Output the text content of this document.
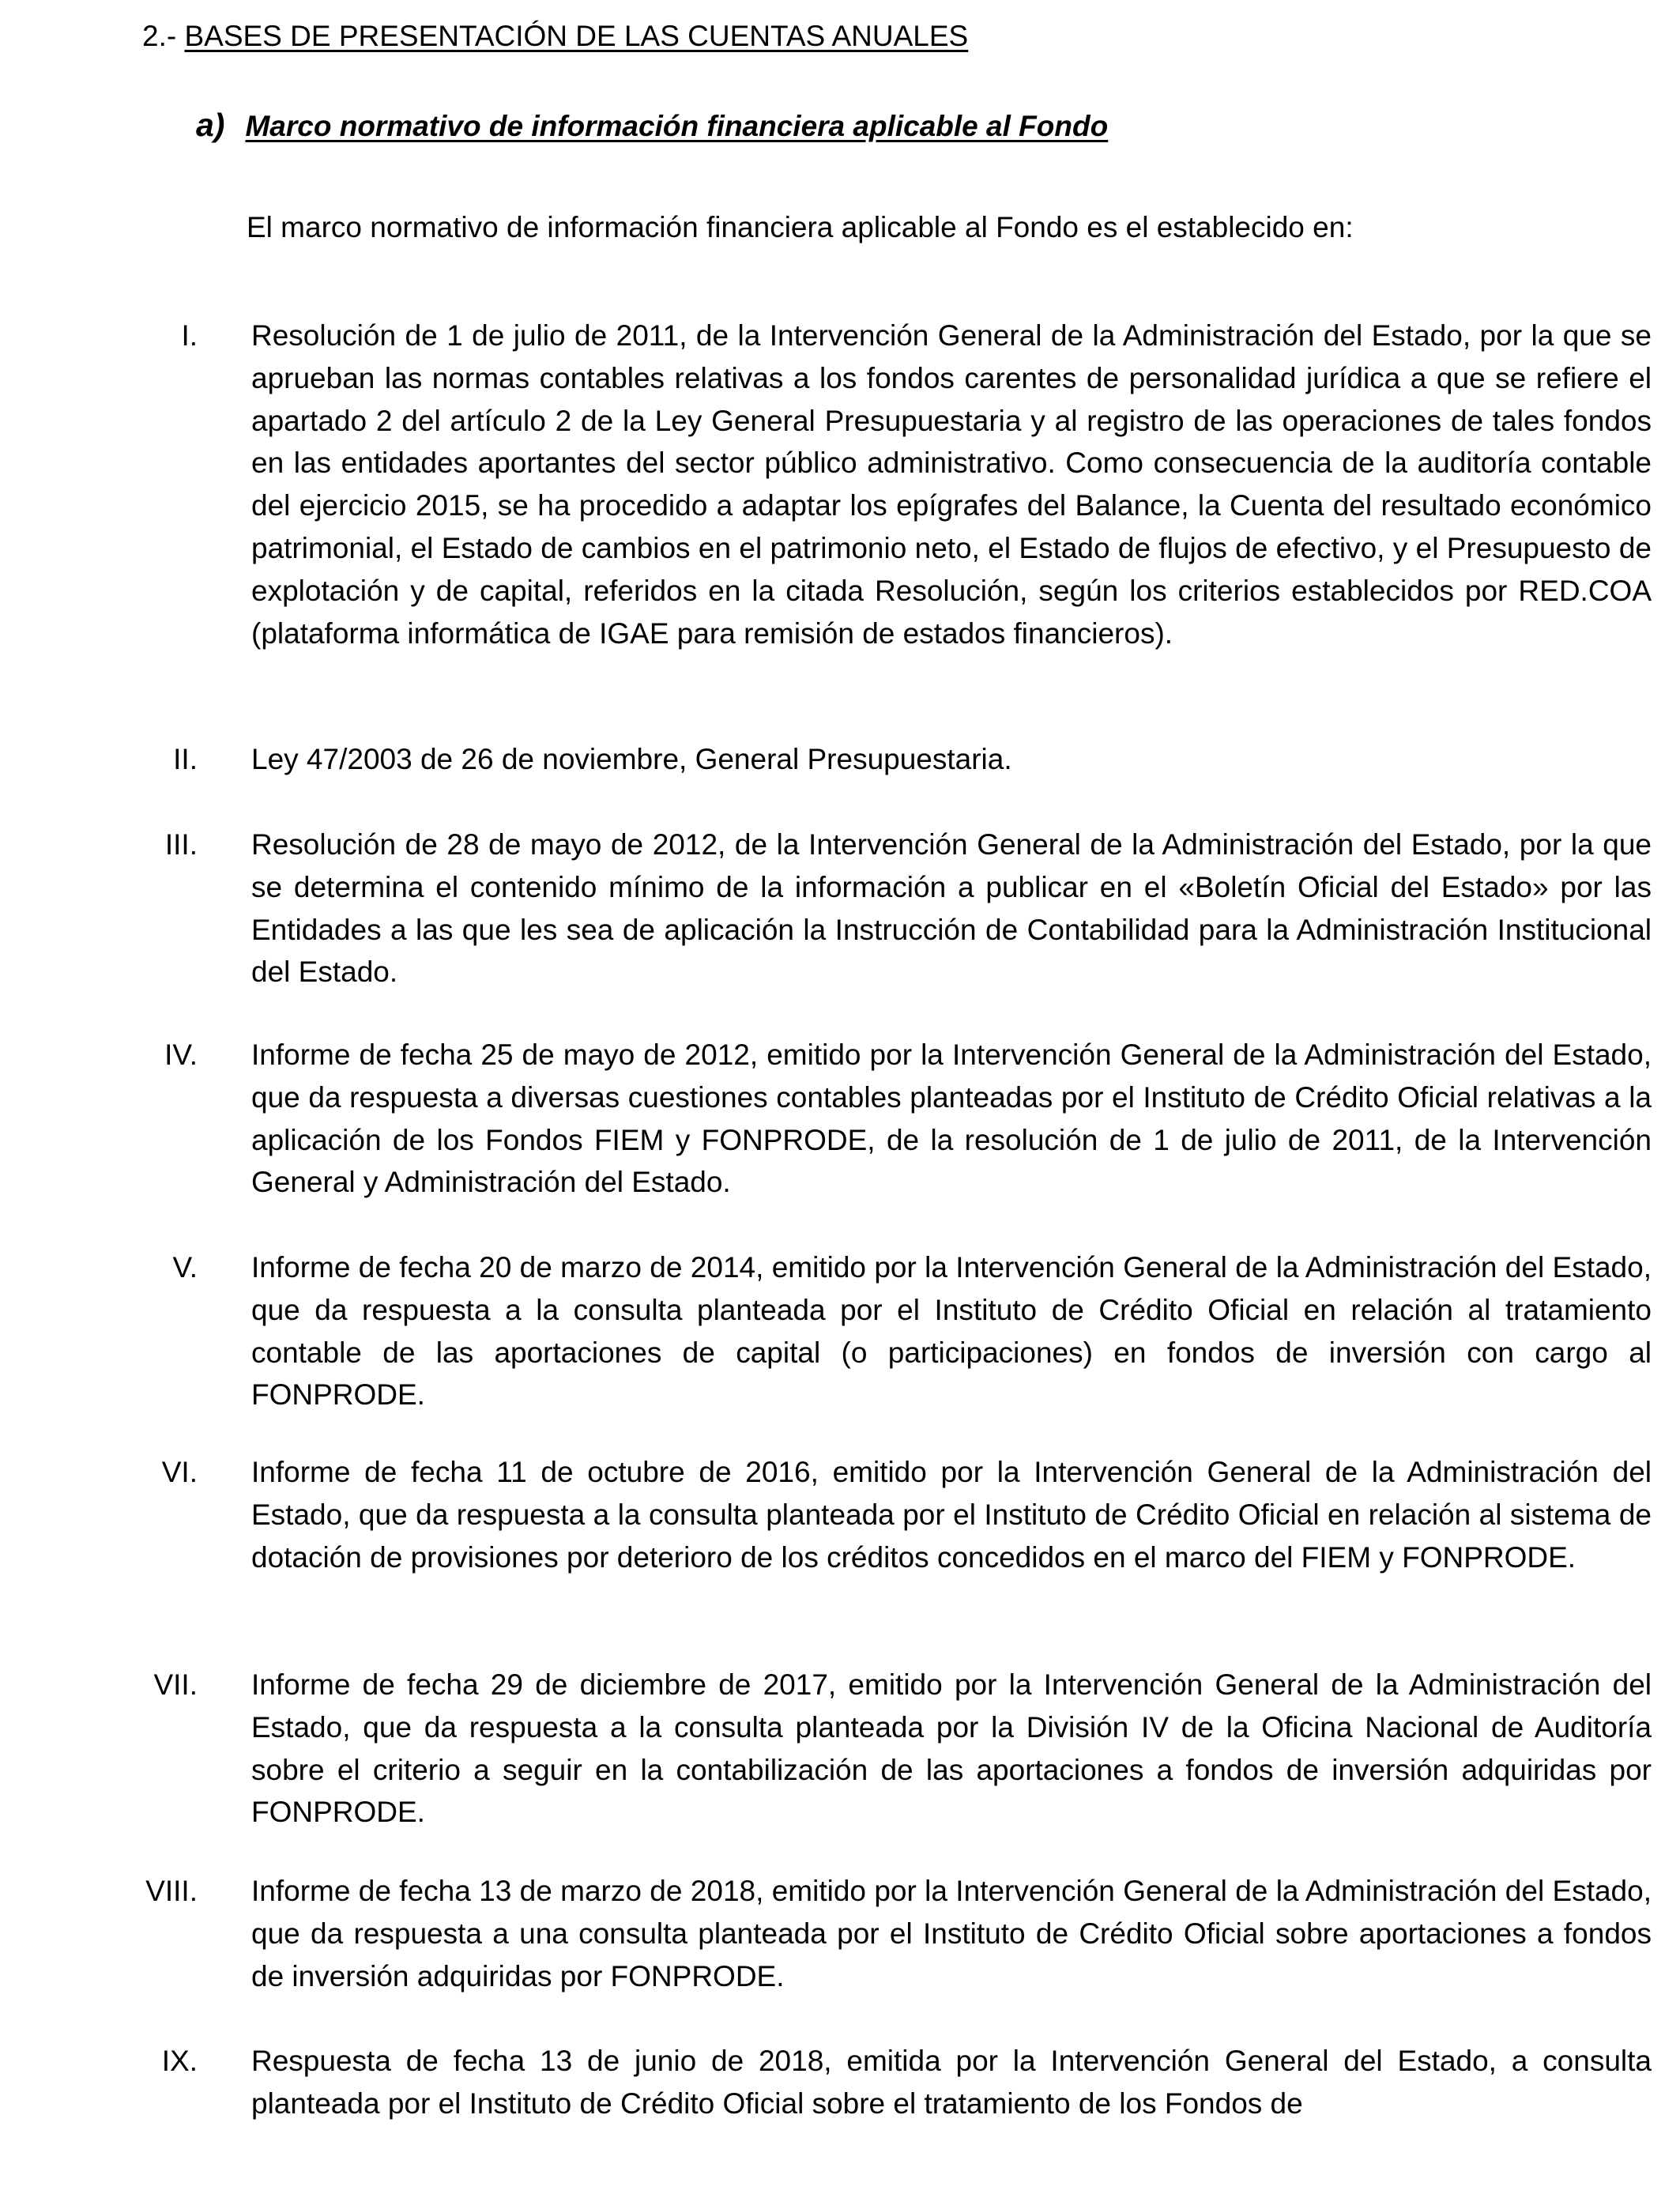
2.- BASES DE PRESENTACIÓN DE LAS CUENTAS ANUALES
a) Marco normativo de información financiera aplicable al Fondo
El marco normativo de información financiera aplicable al Fondo es el establecido en:
I. Resolución de 1 de julio de 2011, de la Intervención General de la Administración del Estado, por la que se aprueban las normas contables relativas a los fondos carentes de personalidad jurídica a que se refiere el apartado 2 del artículo 2 de la Ley General Presupuestaria y al registro de las operaciones de tales fondos en las entidades aportantes del sector público administrativo. Como consecuencia de la auditoría contable del ejercicio 2015, se ha procedido a adaptar los epígrafes del Balance, la Cuenta del resultado económico patrimonial, el Estado de cambios en el patrimonio neto, el Estado de flujos de efectivo, y el Presupuesto de explotación y de capital, referidos en la citada Resolución, según los criterios establecidos por RED.COA (plataforma informática de IGAE para remisión de estados financieros).
II. Ley 47/2003 de 26 de noviembre, General Presupuestaria.
III. Resolución de 28 de mayo de 2012, de la Intervención General de la Administración del Estado, por la que se determina el contenido mínimo de la información a publicar en el «Boletín Oficial del Estado» por las Entidades a las que les sea de aplicación la Instrucción de Contabilidad para la Administración Institucional del Estado.
IV. Informe de fecha 25 de mayo de 2012, emitido por la Intervención General de la Administración del Estado, que da respuesta a diversas cuestiones contables planteadas por el Instituto de Crédito Oficial relativas a la aplicación de los Fondos FIEM y FONPRODE, de la resolución de 1 de julio de 2011, de la Intervención General y Administración del Estado.
V. Informe de fecha 20 de marzo de 2014, emitido por la Intervención General de la Administración del Estado, que da respuesta a la consulta planteada por el Instituto de Crédito Oficial en relación al tratamiento contable de las aportaciones de capital (o participaciones) en fondos de inversión con cargo al FONPRODE.
VI. Informe de fecha 11 de octubre de 2016, emitido por la Intervención General de la Administración del Estado, que da respuesta a la consulta planteada por el Instituto de Crédito Oficial en relación al sistema de dotación de provisiones por deterioro de los créditos concedidos en el marco del FIEM y FONPRODE.
VII. Informe de fecha 29 de diciembre de 2017, emitido por la Intervención General de la Administración del Estado, que da respuesta a la consulta planteada por la División IV de la Oficina Nacional de Auditoría sobre el criterio a seguir en la contabilización de las aportaciones a fondos de inversión adquiridas por FONPRODE.
VIII. Informe de fecha 13 de marzo de 2018, emitido por la Intervención General de la Administración del Estado, que da respuesta a una consulta planteada por el Instituto de Crédito Oficial sobre aportaciones a fondos de inversión adquiridas por FONPRODE.
IX. Respuesta de fecha 13 de junio de 2018, emitida por la Intervención General del Estado, a consulta planteada por el Instituto de Crédito Oficial sobre el tratamiento de los Fondos de
